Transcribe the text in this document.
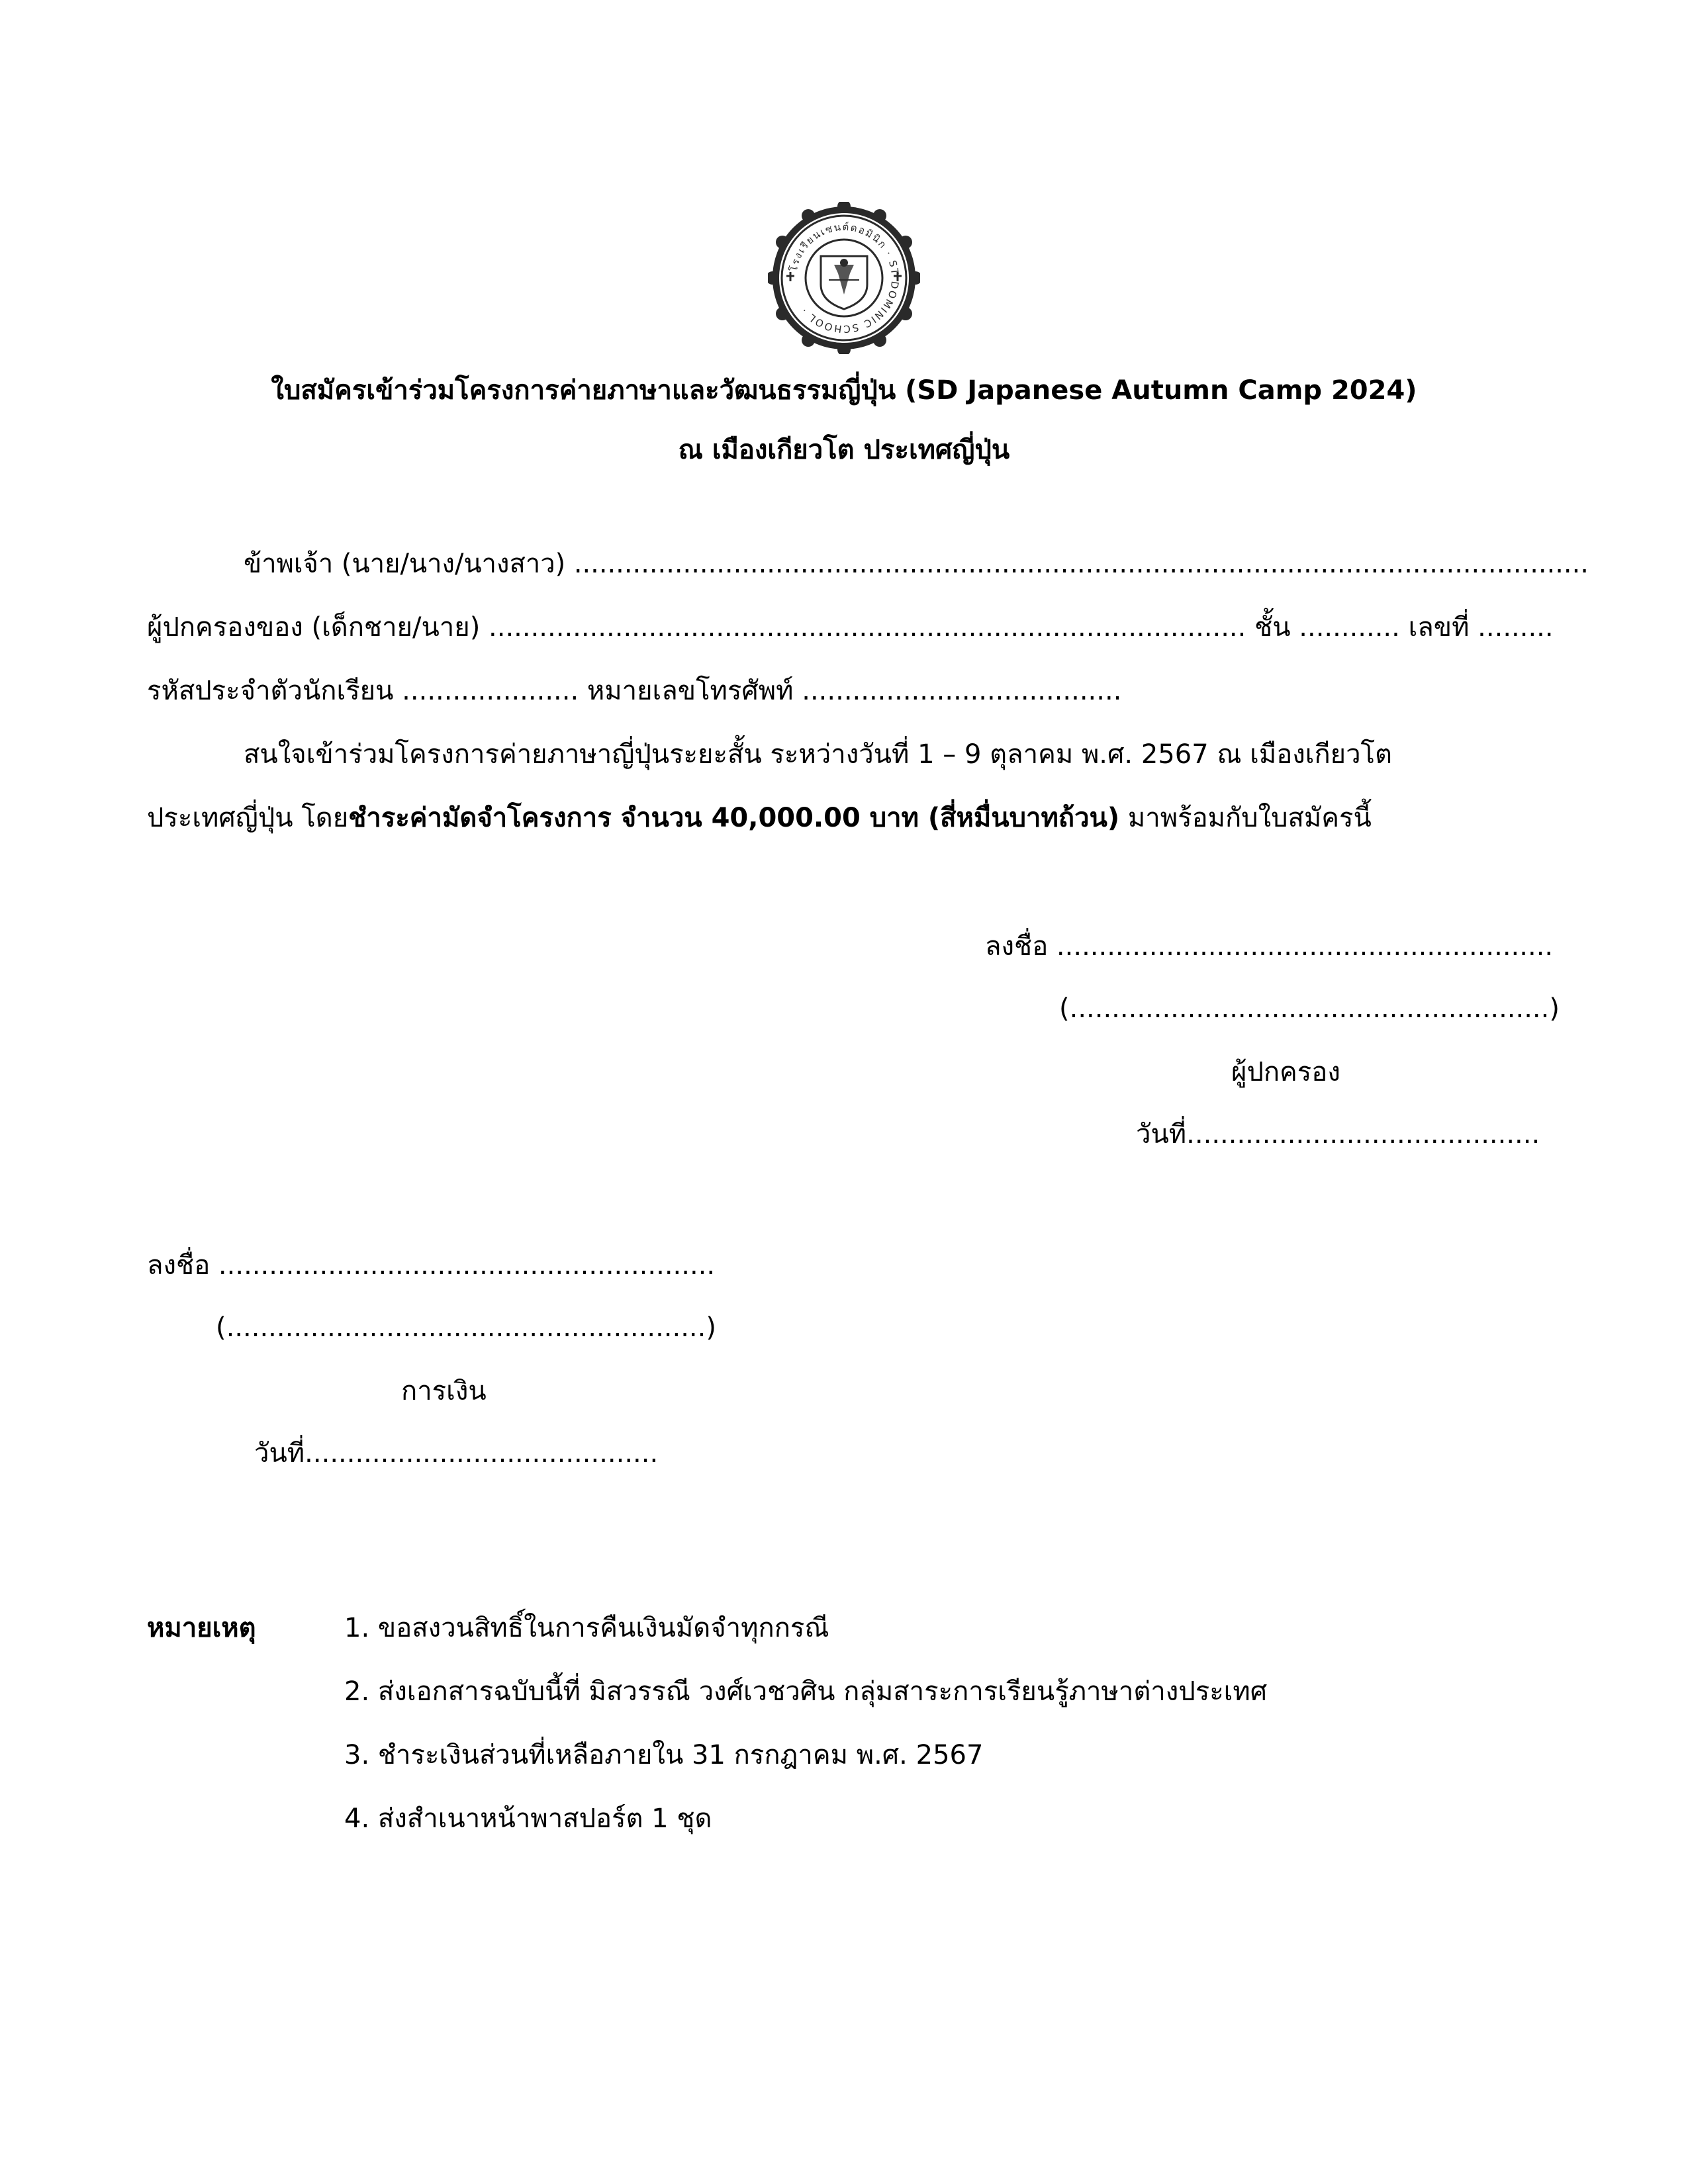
โรงเรียนเซนต์ดอมินิก · ST DOMINIC SCHOOL ·
ใบสมัครเข้าร่วมโครงการค่ายภาษาและวัฒนธรรมญี่ปุ่น (SD Japanese Autumn Camp 2024)
ณ เมืองเกียวโต ประเทศญี่ปุ่น
ข้าพเจ้า (นาย/นาง/นางสาว) .........................................................................................................................
ผู้ปกครองของ (เด็กชาย/นาย) .......................................................................................... ชั้น ............ เลขที่ .........
รหัสประจำตัวนักเรียน ..................... หมายเลขโทรศัพท์ ......................................
สนใจเข้าร่วมโครงการค่ายภาษาญี่ปุ่นระยะสั้น ระหว่างวันที่ 1 – 9 ตุลาคม พ.ศ. 2567 ณ เมืองเกียวโต
ประเทศญี่ปุ่น โดยชำระค่ามัดจำโครงการ จำนวน 40,000.00 บาท (สี่หมื่นบาทถ้วน) มาพร้อมกับใบสมัครนี้
ลงชื่อ ...........................................................
(.........................................................)
ผู้ปกครอง
วันที่..........................................
ลงชื่อ ...........................................................
(.........................................................)
การเงิน
วันที่..........................................
หมายเหตุ	1. ขอสงวนสิทธิ์ในการคืนเงินมัดจำทุกกรณี
2. ส่งเอกสารฉบับนี้ที่ มิสวรรณี วงศ์เวชวศิน กลุ่มสาระการเรียนรู้ภาษาต่างประเทศ
3. ชำระเงินส่วนที่เหลือภายใน 31 กรกฎาคม พ.ศ. 2567
4. ส่งสำเนาหน้าพาสปอร์ต 1 ชุด
